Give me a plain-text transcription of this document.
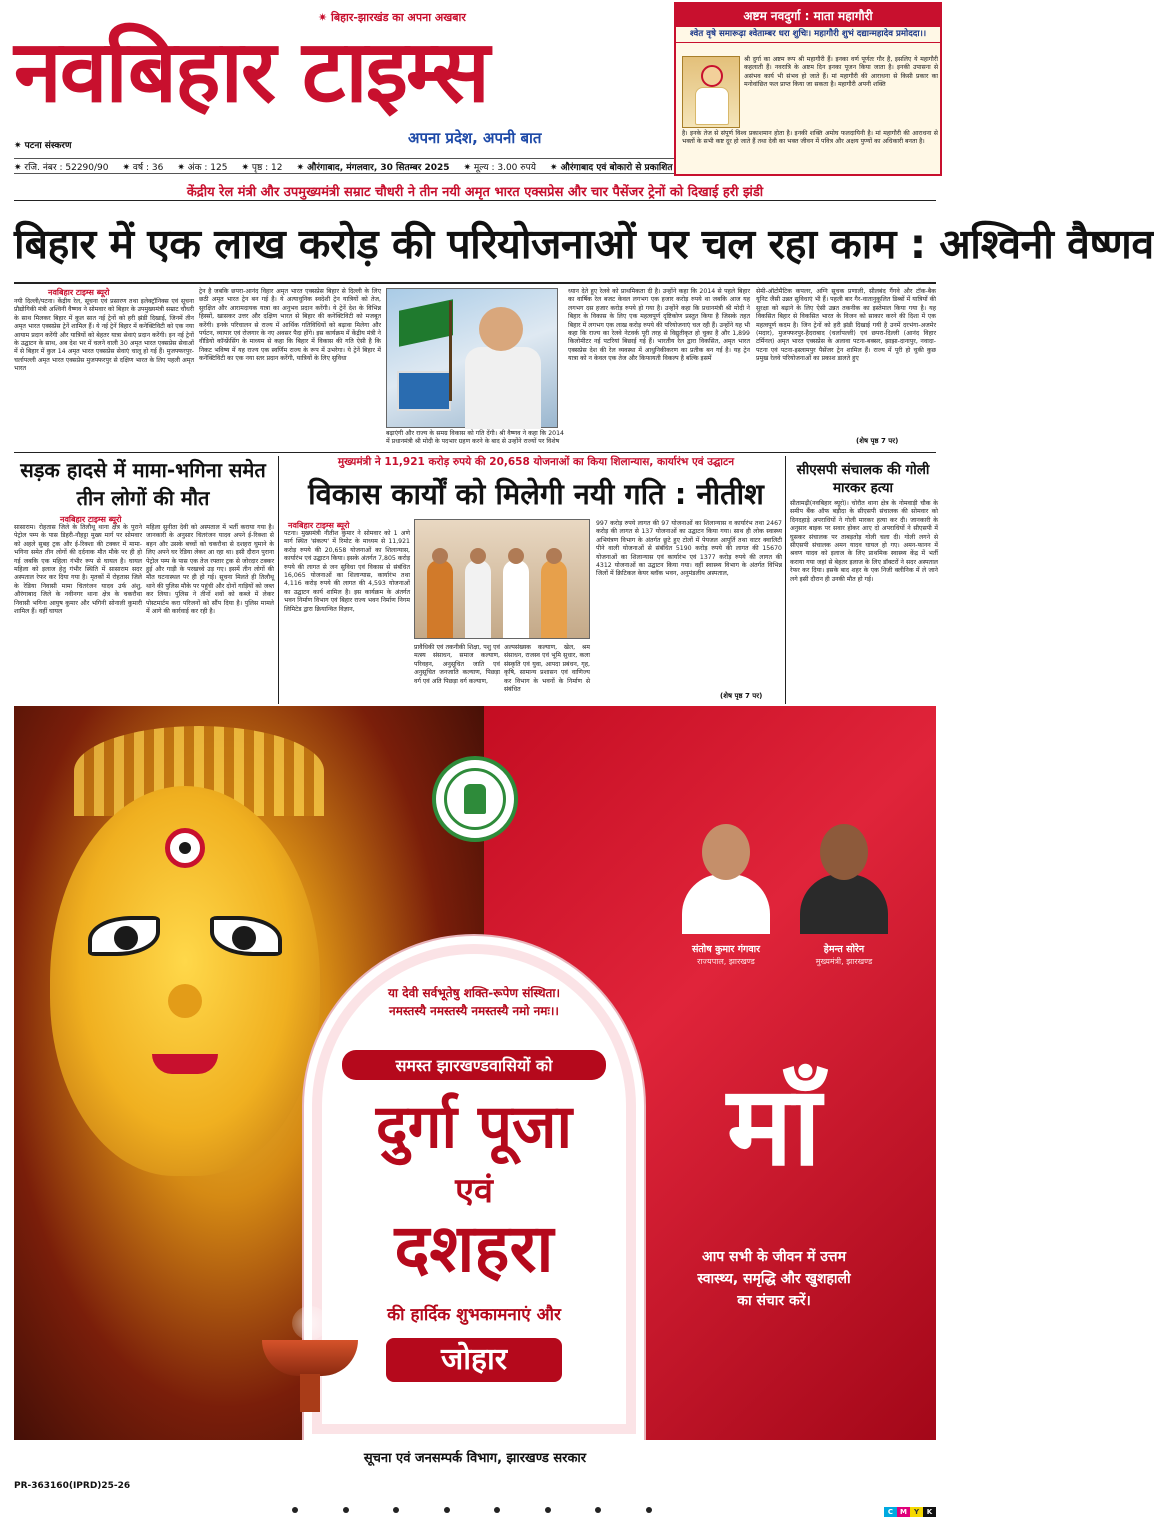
✷ बिहार-झारखंड का अपना अखबार
नवबिहार टाइम्स
अपना प्रदेश, अपनी बात
✷ पटना संस्करण
✷ रजि. नंबर : 52290/90 ✷ वर्ष : 36 ✷ अंक : 125 ✷ पृष्ठ : 12 ✷ औरंगाबाद, मंगलवार, 30 सितम्बर 2025 ✷ मूल्य : 3.00 रुपये ✷ औरंगाबाद एवं बोकारो से प्रकाशित
अष्टम नवदुर्गा : माता महागौरी
श्वेत वृषे समारूढ़ा श्वेताम्बर धरा शुचिः। महागौरी शुभं दद्यान्महादेव प्रमोददा।।
श्री दुर्गा का अष्टम रूप श्री महागौरी हैं। इनका वर्ण पूर्णतः गौर है, इसलिए ये महागौरी कहलाती हैं। नवरात्रि के अष्टम दिन इनका पूजन किया जाता है। इनकी उपासना से असंभव कार्य भी संभव हो जाते हैं। मां महागौरी की आराधना से किसी प्रकार का मनोवांछित फल प्राप्त किया जा सकता है। महागौरी अपनी शक्ति
है। इनके तेज से संपूर्ण विश्व प्रकाशमान होता है। इनकी शक्ति अमोघ फलदायिनी है। मां महागौरी की आराधना से भक्तों के सभी कष्ट दूर हो जाते हैं तथा देवी का भक्त जीवन में पवित्र और अक्षय पुण्यों का अधिकारी बनता है।
केंद्रीय रेल मंत्री और उपमुख्यमंत्री सम्राट चौधरी ने तीन नयी अमृत भारत एक्सप्रेस और चार पैसेंजर ट्रेनों को दिखाई हरी झंडी
बिहार में एक लाख करोड़ की परियोजनाओं पर चल रहा काम : अश्विनी वैष्णव
नवबिहार टाइम्स ब्यूरो
नयी दिल्ली/पटना। केंद्रीय रेल, सूचना एवं प्रसारण तथा इलेक्ट्रॉनिक्स एवं सूचना प्रौद्योगिकी मंत्री अश्विनी वैष्णव ने सोमवार को बिहार के उपमुख्यमंत्री सम्राट चौधरी के साथ मिलकर बिहार में कुल सात नई ट्रेनों को हरी झंडी दिखाई, जिनमें तीन अमृत भारत एक्सप्रेस ट्रेनें शामिल हैं। ये नई ट्रेनें बिहार में कनेक्टिविटी को एक नया आयाम प्रदान करेंगी और यात्रियों को बेहतर यात्रा सेवाएं प्रदान करेंगी। इन नई ट्रेनों के उद्घाटन के साथ, अब देश भर में चलने वाली 30 अमृत भारत एक्सप्रेस सेवाओं में से बिहार में कुल 14 अमृत भारत एक्सप्रेस सेवाएं चालू हो गई हैं। मुजफ्फरपुर-चर्लापल्ली अमृत भारत एक्सप्रेस मुजफ्फरपुर से दक्षिण भारत के लिए पहली अमृत भारत
ट्रेन है जबकि छपरा-आनंद विहार अमृत भारत एक्सप्रेस बिहार से दिल्ली के लिए छठी अमृत भारत ट्रेन बन गई है। ये अत्याधुनिक स्वदेशी ट्रेन यात्रियों को तेज, सुरक्षित और आरामदायक यात्रा का अनुभव प्रदान करेंगी। ये ट्रेनें देश के विभिन्न हिस्सों, खासकर उत्तर और दक्षिण भारत से बिहार की कनेक्टिविटी को मजबूत करेंगी। इनके परिचालन से राज्य में आर्थिक गतिविधियों को बढ़ावा मिलेगा और पर्यटन, व्यापार एवं रोजगार के नए अवसर पैदा होंगे। इस कार्यक्रम में केंद्रीय मंत्री ने वीडियो कॉन्फ्रेंसिंग के माध्यम से कहा कि बिहार में विकास की गति ऐसी है कि निकट भविष्य में यह राज्य एक स्वर्णिम राज्य के रूप में उभरेगा। ये ट्रेनें बिहार में कनेक्टिविटी का एक नया स्तर प्रदान करेंगी, यात्रियों के लिए सुविधा
बढ़ाएंगी और राज्य के समग्र विकास को गति देंगी। श्री वैष्णव ने कहा कि 2014 में प्रधानमंत्री श्री मोदी के पदभार ग्रहण करने के बाद से उन्होंने राज्यों पर विशेष
ध्यान देते हुए रेलवे को प्राथमिकता दी है। उन्होंने कहा कि 2014 से पहले बिहार का वार्षिक रेल बजट केवल लगभग एक हजार करोड़ रुपये था जबकि आज यह लगभग दस हजार करोड़ रुपये हो गया है। उन्होंने कहा कि प्रधानमंत्री श्री मोदी ने बिहार के विकास के लिए एक महत्वपूर्ण दृष्टिकोण प्रस्तुत किया है जिसके तहत बिहार में लगभग एक लाख करोड़ रुपये की परियोजनाएं चल रही हैं। उन्होंने यह भी कहा कि राज्य का रेलवे नेटवर्क पूरी तरह से विद्युतीकृत हो चुका है और 1,899 किलोमीटर नई पटरियां बिछाई गई हैं। भारतीय रेल द्वारा विकसित, अमृत भारत एक्सप्रेस देश की रेल व्यवस्था में आधुनिकीकरण का प्रतीक बन गई है। यह ट्रेन यात्रा को न केवल एक तेज और किफायती विकल्प है बल्कि इसमें
सेमी-ऑटोमैटिक कपलर, अग्नि सूचक प्रणाली, सीलबंद गैंगवे और टॉक-बैक यूनिट जैसी उन्नत सुविधाएं भी हैं। पहली बार गैर-वातानुकूलित डिब्बों में यात्रियों की सुरक्षा को बढ़ाने के लिए ऐसी उन्नत तकनीक का इस्तेमाल किया गया है। यह विकसित बिहार से विकसित भारत के विजन को साकार करने की दिशा में एक महत्वपूर्ण कदम है। जिन ट्रेनों को हरी झंडी दिखाई गयी है उनमें दरभंगा-अजमेर (मदार), मुजफ्फरपुर-हैदराबाद (चर्लापल्ली) एवं छपरा-दिल्ली (आनंद विहार टर्मिनल) अमृत भारत एक्सप्रेस के अलावा पटना-बक्सर, झाझा-दानापुर, नवादा-पटना एवं पटना-इस्लामपुर पैसेंजर ट्रेन शामिल हैं। राज्य में पूरी हो चुकी कुछ प्रमुख रेलवे परियोजनाओं का प्रकाश डालते हुए
(शेष पृष्ठ 7 पर)
सड़क हादसे में मामा-भगिना समेत तीन लोगों की मौत
नवबिहार टाइम्स ब्यूरो
सासाराम। रोहतास जिले के तिलौथू थाना क्षेत्र के पुराने पेट्रोल पम्प के पास डिहरी-नौहट्टा मुख्य मार्ग पर सोमवार को अहले सुबह ट्रक और ई-रिक्शा की टक्कर में मामा-भगिना समेत तीन लोगों की दर्दनाक मौत मौके पर ही हो गई जबकि एक महिला गंभीर रूप से घायल है। घायल महिला को इलाज हेतु गंभीर स्थिति में सासाराम सदर अस्पताल रेफर कर दिया गया है। मृतकों में रोहतास जिले के रेडिया निवासी मामा चितरंजन यादव उर्फ अंशु, औरंगाबाद जिले के नवीनगर थाना क्षेत्र के चकरौथा निवासी भगिना आयुष कुमार और भगिनी सोनाली कुमारी शामिल हैं। वहीं घायल
महिला सुनीता देवी को अस्पताल में भर्ती कराया गया है। जानकारी के अनुसार चितरंजन यादव अपने ई-रिक्शा से बहन और उसके बच्चों को चकरौथा से दशहरा घुमाने के लिए अपने घर रेडिया लेकर आ रहा था। इसी दौरान पुराना पेट्रोल पम्प के पास एक तेज रफ्तार ट्रक से जोरदार टक्कर हुई और गाड़ी के परखच्चे उड़ गए। इसमें तीन लोगों की मौत घटनास्थल पर ही हो गई। सूचना मिलते ही तिलौथू थाने की पुलिस मौके पर पहुंची और दोनों गाड़ियों को जब्त कर लिया। पुलिस ने तीनों शवों को कब्जे में लेकर पोस्टमार्टम करा परिजनों को सौंप दिया है। पुलिस मामले में आगे की कार्रवाई कर रही है।
मुख्यमंत्री ने 11,921 करोड़ रुपये की 20,658 योजनाओं का किया शिलान्यास, कार्यारंभ एवं उद्घाटन
विकास कार्यों को मिलेगी नयी गति : नीतीश
नवबिहार टाइम्स ब्यूरो
पटना। मुख्यमंत्री नीतीश कुमार ने सोमवार को 1 अणे मार्ग स्थित 'संकल्प' में रिमोट के माध्यम से 11,921 करोड़ रुपये की 20,658 योजनाओं का शिलान्यास, कार्यारंभ एवं उद्घाटन किया। इसके अंतर्गत 7,805 करोड़ रुपये की लागत से जन सुविधा एवं विकास से संबंधित 16,065 योजनाओं का शिलान्यास, कार्यारंभ तथा 4,116 करोड़ रुपये की लागत की 4,593 योजनाओं का उद्घाटन कार्य शामिल है। इस कार्यक्रम के अंतर्गत भवन निर्माण विभाग एवं बिहार राज्य भवन निर्माण निगम लिमिटेड द्वारा क्रियान्वित विज्ञान,
प्रावैधिकी एवं तकनीकी शिक्षा, पशु एवं मत्स्य संसाधन, समाज कल्याण, परिवहन, अनुसूचित जाति एवं अनुसूचित जनजाति कल्याण, पिछड़ा वर्ग एवं अति पिछड़ा वर्ग कल्याण,
अल्पसंख्यक कल्याण, खेल, श्रम संसाधन, राजस्व एवं भूमि सुधार, कला संस्कृति एवं युवा, आपदा प्रबंधन, गृह, कृषि, सामान्य प्रशासन एवं वाणिज्य कर विभाग के भवनों के निर्माण से संबंधित
997 करोड़ रुपये लागत की 97 योजनाओं का शिलान्यास व कार्यारंभ तथा 2467 करोड़ की लागत से 137 योजनाओं का उद्घाटन किया गया। साथ ही लोक स्वास्थ्य अभियंत्रण विभाग के अंतर्गत छूटे हुए टोलों में पेयजल आपूर्ति तथा वाटर क्वालिटी पीने वाली योजनाओं से संबंधित 5190 करोड़ रुपये की लागत की 15670 योजनाओं का शिलान्यास एवं कार्यारंभ एवं 1377 करोड़ रुपये की लागत की 4312 योजनाओं का उद्घाटन किया गया। वहीं स्वास्थ्य विभाग के अंतर्गत विभिन्न जिलों में क्रिटिकल केयर ब्लॉक भवन, अनुमंडलीय अस्पताल,
(शेष पृष्ठ 7 पर)
सीएसपी संचालक की गोली मारकर हत्या
सीतामढ़ी(नवबिहार ब्यूरो)। चोरौत थाना क्षेत्र के नोमवाड़ी चौक के समीप बैंक ऑफ बड़ौदा के सीएसपी संचालक की सोमवार को दिनदहाड़े अपराधियों ने गोली मारकर हत्या कर दी। जानकारी के अनुसार बाइक पर सवार होकर आए दो अपराधियों ने सीएसपी में घुसकर संचालक पर ताबड़तोड़ गोली चला दी। गोली लगने से सीएसपी संचालक अमन यादव घायल हो गए। अमन-फानन में श्रवण यादव को इलाज के लिए प्राथमिक स्वास्थ्य केंद्र में भर्ती कराया गया जहां से बेहतर इलाज के लिए डॉक्टरों ने सदर अस्पताल रेफर कर दिया। इसके बाद शहर के एक निजी क्लीनिक में ले जाने लगे इसी दौरान ही उनकी मौत हो गई।
संतोष कुमार गंगवार
राज्यपाल, झारखण्ड
हेमन्त सोरेन
मुख्यमंत्री, झारखण्ड
या देवी सर्वभूतेषु शक्ति-रूपेण संस्थिता।
नमस्तस्यै नमस्तस्यै नमस्तस्यै नमो नमः।।
समस्त झारखण्डवासियों को
दुर्गा पूजा
एवं
दशहरा
की हार्दिक शुभकामनाएं और
जोहार
माँ
आप सभी के जीवन में उत्तम
स्वास्थ्य, समृद्धि और खुशहाली
का संचार करें।
सूचना एवं जनसम्पर्क विभाग, झारखण्ड सरकार
PR-363160(IPRD)25-26
C M Y	K
